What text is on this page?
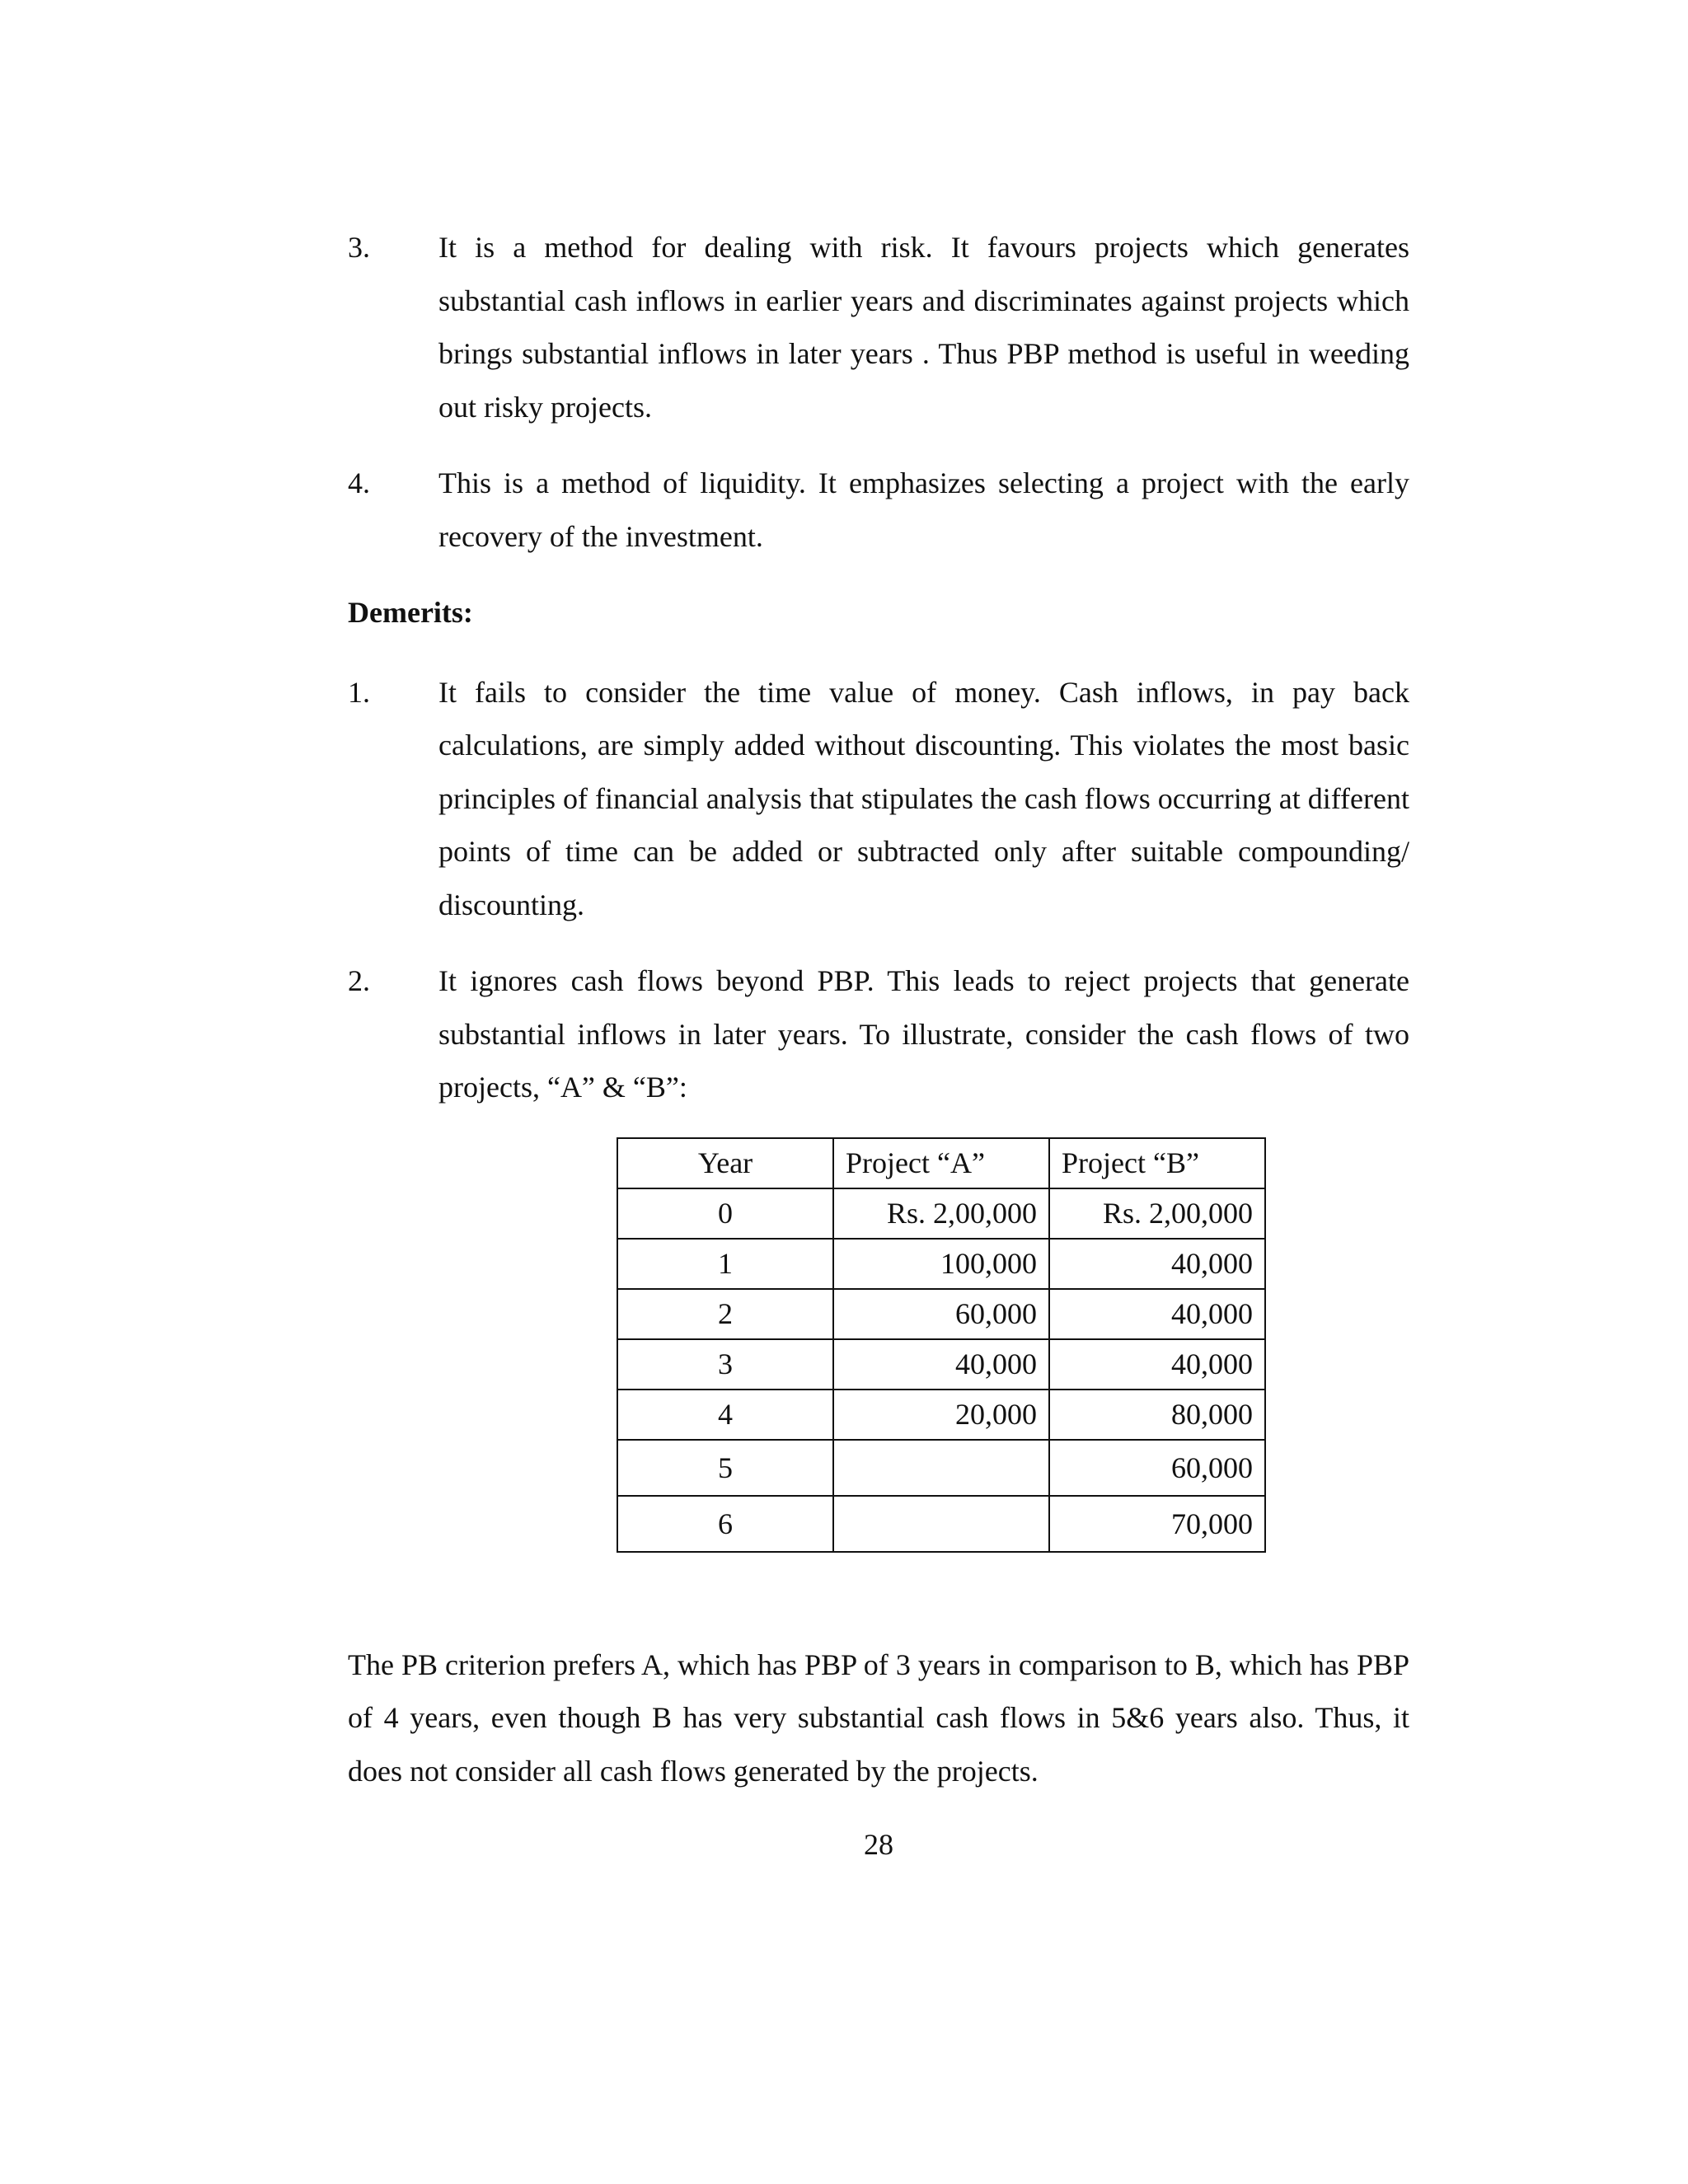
3.	It is a method for dealing with risk. It favours projects which generates substantial cash inflows in earlier years and discriminates against projects which brings substantial inflows in later years . Thus PBP method is useful in weeding out risky projects.
4.	This is a method of liquidity. It emphasizes selecting a project with the early recovery of the investment.
Demerits:
1.	It fails to consider the time value of money. Cash inflows, in pay back calculations, are simply added without discounting. This violates the most basic principles of financial analysis that stipulates the cash flows occurring at different points of time can be added or subtracted only after suitable compounding/ discounting.
2.	It ignores cash flows beyond PBP. This leads to reject projects that generate substantial inflows in later years. To illustrate, consider the cash flows of two projects, “A” & “B”:
Year	Project “A”	Project “B”
0	Rs. 2,00,000	Rs. 2,00,000
1	100,000	40,000
2	60,000	40,000
3	40,000	40,000
4	20,000	80,000
5		60,000
6		70,000

The PB criterion prefers A, which has PBP of 3 years in comparison to B, which has PBP of 4 years, even though B has very substantial cash flows in 5&6 years also. Thus, it does not consider all cash flows generated by the projects.

28
